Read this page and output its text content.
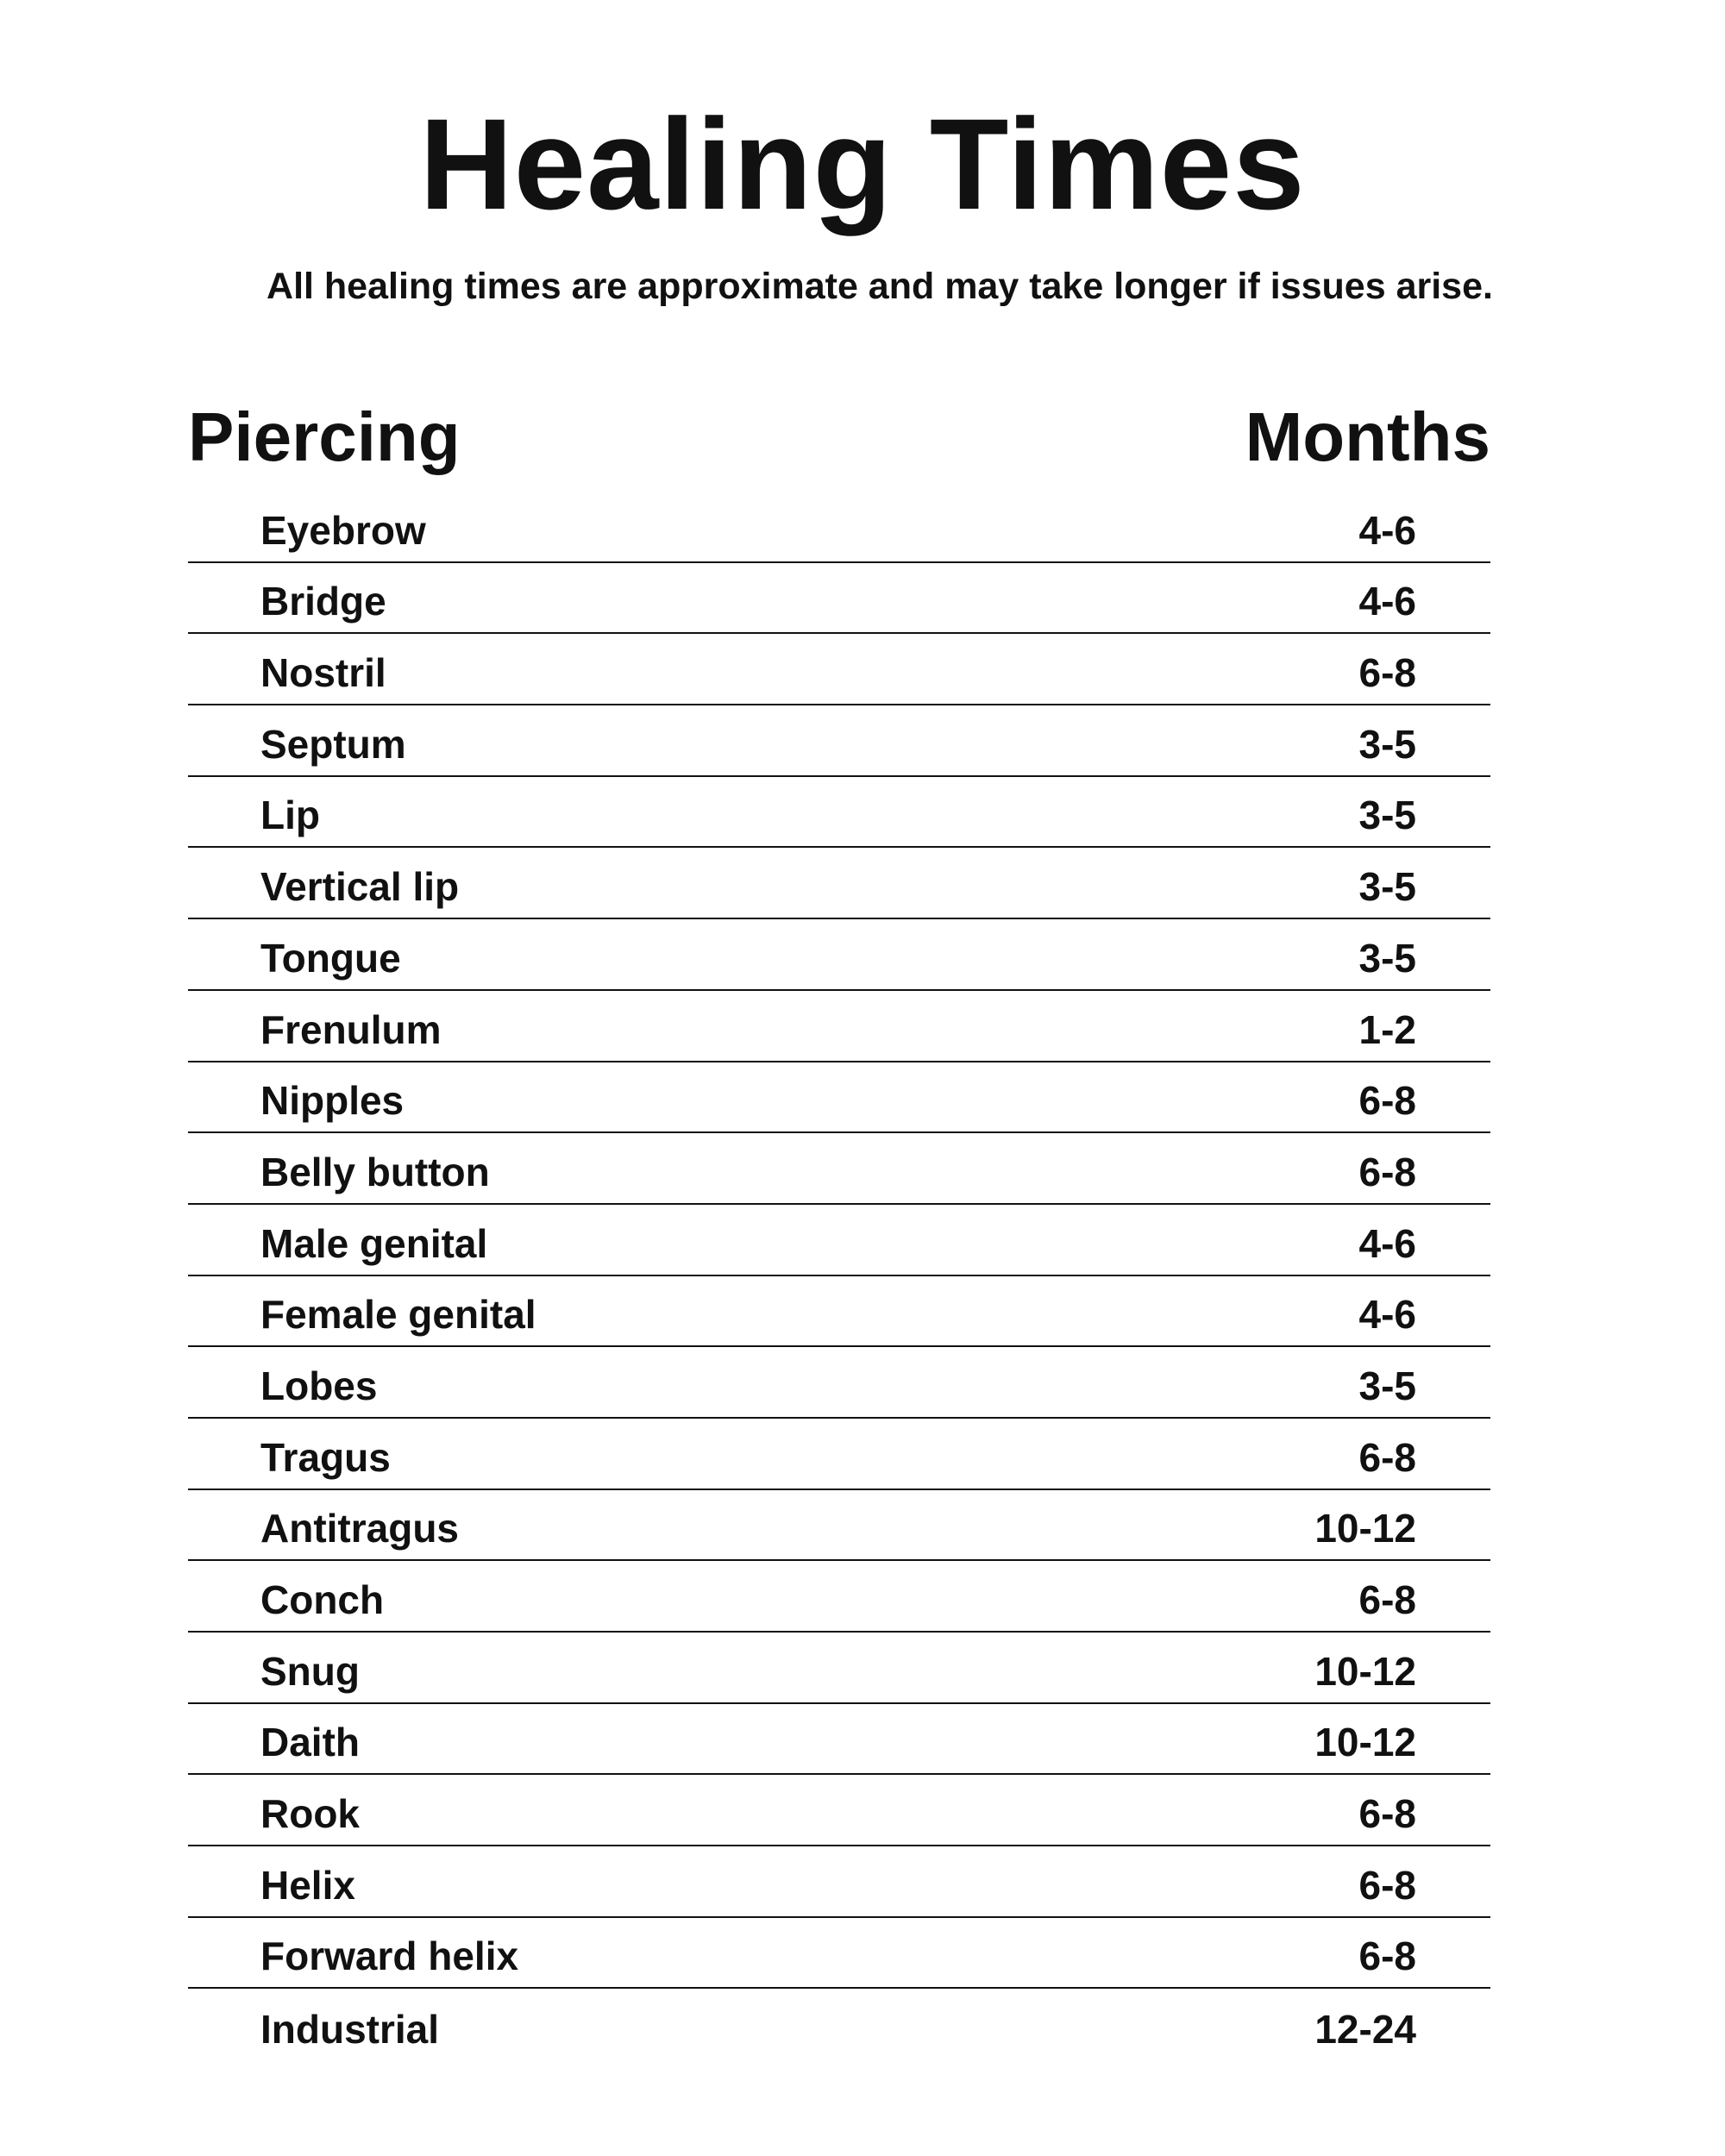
Healing Times

All healing times are approximate and may take longer if issues arise.

Piercing	Months
Eyebrow	4-6
Bridge	4-6
Nostril	6-8
Septum	3-5
Lip	3-5
Vertical lip	3-5
Tongue	3-5
Frenulum	1-2
Nipples	6-8
Belly button	6-8
Male genital	4-6
Female genital	4-6
Lobes	3-5
Tragus	6-8
Antitragus	10-12
Conch	6-8
Snug	10-12
Daith	10-12
Rook	6-8
Helix	6-8
Forward helix	6-8
Industrial	12-24
